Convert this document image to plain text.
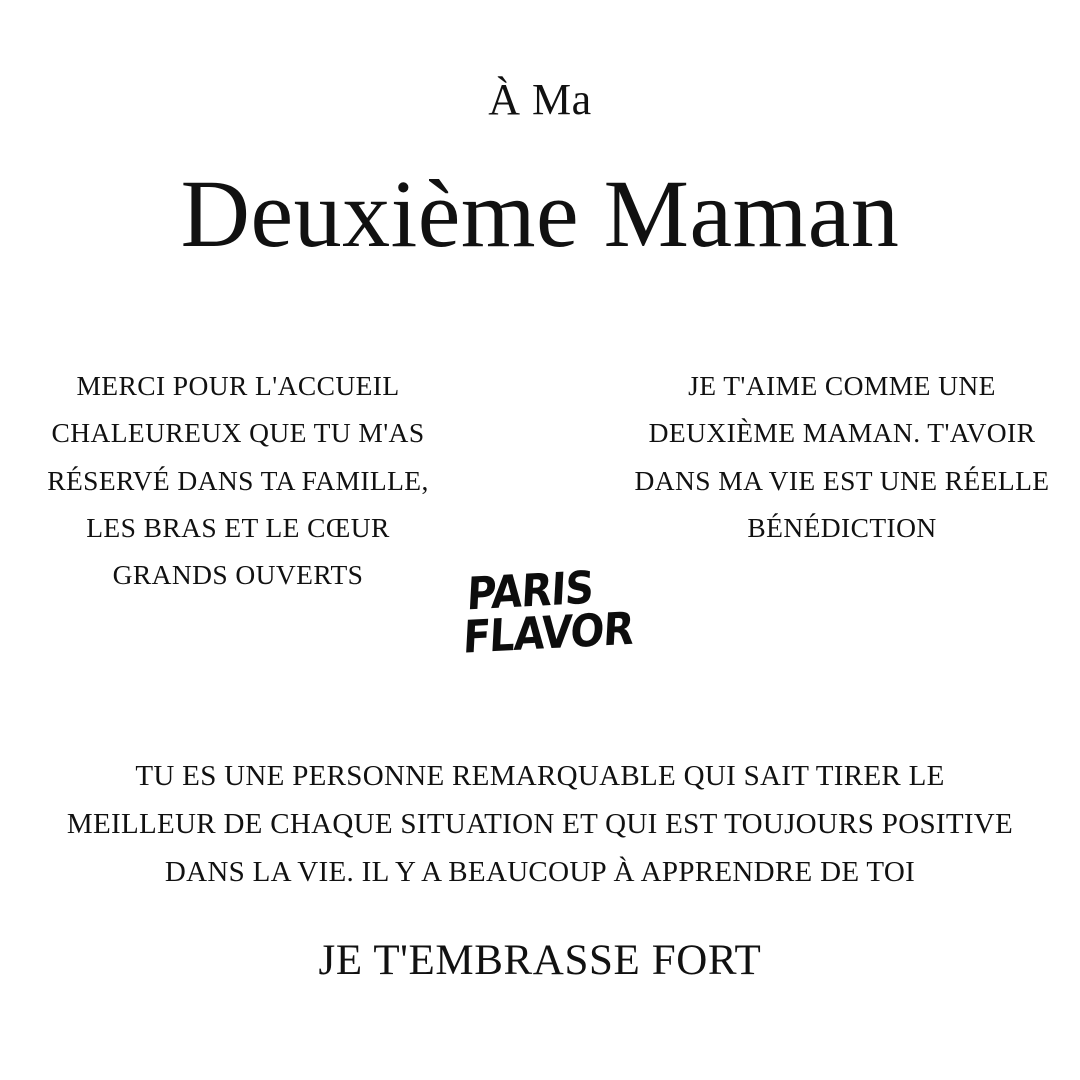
À Ma
Deuxième Maman
MERCI POUR L'ACCUEIL CHALEUREUX QUE TU M'AS RÉSERVÉ DANS TA FAMILLE, LES BRAS ET LE CŒUR GRANDS OUVERTS
JE T'AIME COMME UNE DEUXIÈME MAMAN. T'AVOIR DANS MA VIE EST UNE RÉELLE BÉNÉDICTION
PARIS
FLAVOR
TU ES UNE PERSONNE REMARQUABLE QUI SAIT TIRER LE MEILLEUR DE CHAQUE SITUATION ET QUI EST TOUJOURS POSITIVE DANS LA VIE. IL Y A BEAUCOUP À APPRENDRE DE TOI
JE T'EMBRASSE FORT
